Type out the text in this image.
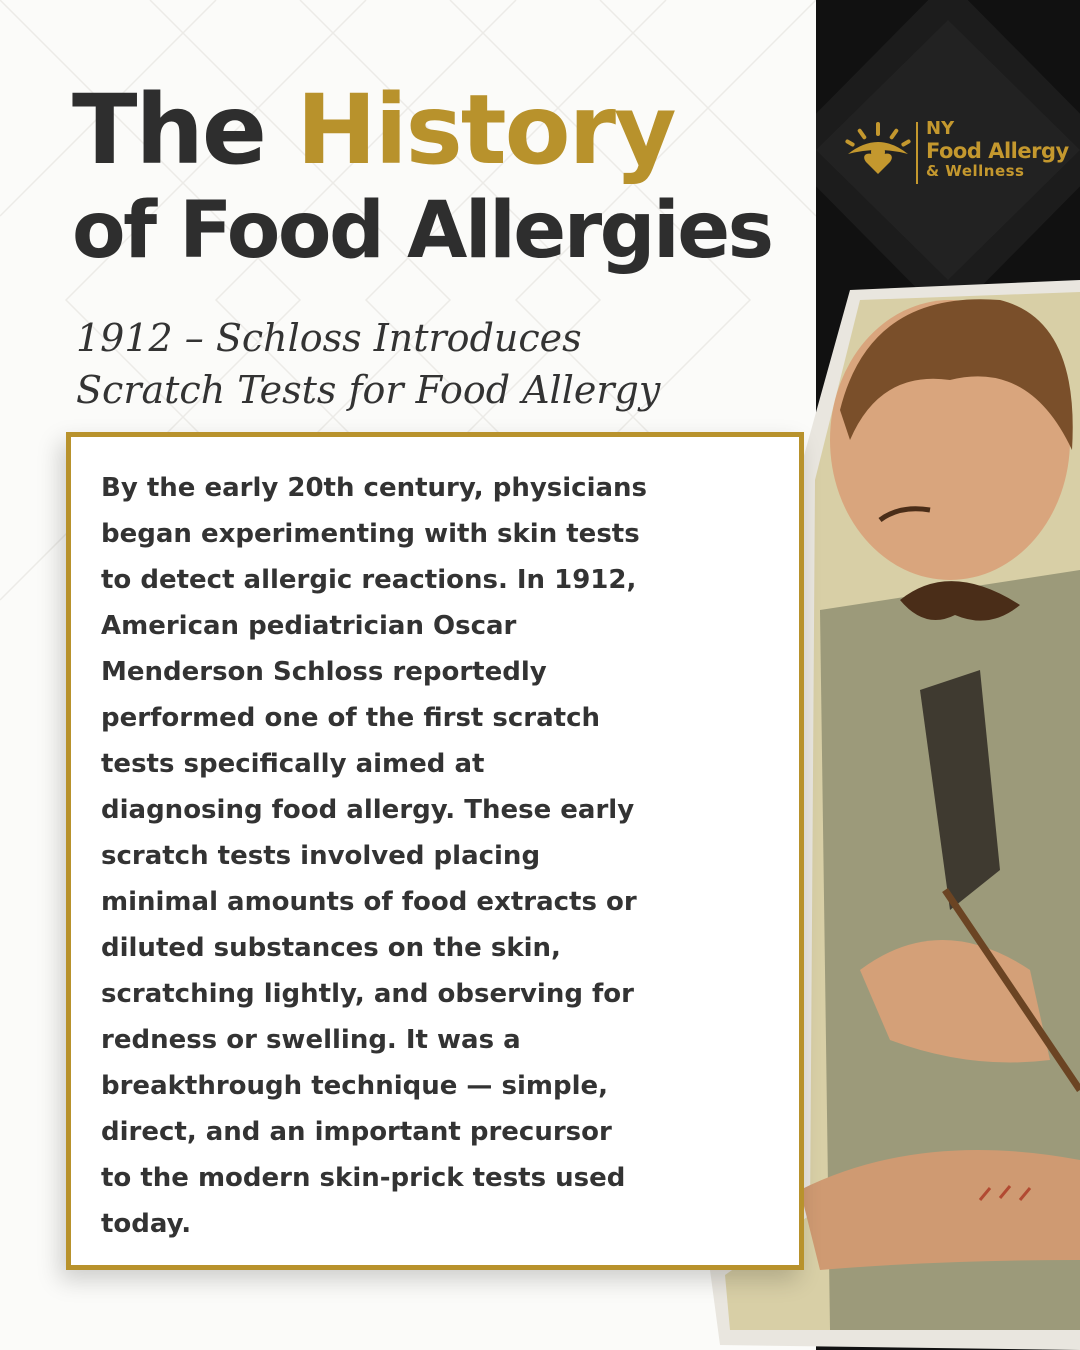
The History
of Food Allergies
1912 – Schloss Introduces
Scratch Tests for Food Allergy
NY
Food Allergy
& Wellness

By the early 20th century, physicians
began experimenting with skin tests
to detect allergic reactions. In 1912,
American pediatrician Oscar
Menderson Schloss reportedly
performed one of the first scratch
tests specifically aimed at
diagnosing food allergy. These early
scratch tests involved placing
minimal amounts of food extracts or
diluted substances on the skin,
scratching lightly, and observing for
redness or swelling. It was a
breakthrough technique — simple,
direct, and an important precursor
to the modern skin-prick tests used
today.
